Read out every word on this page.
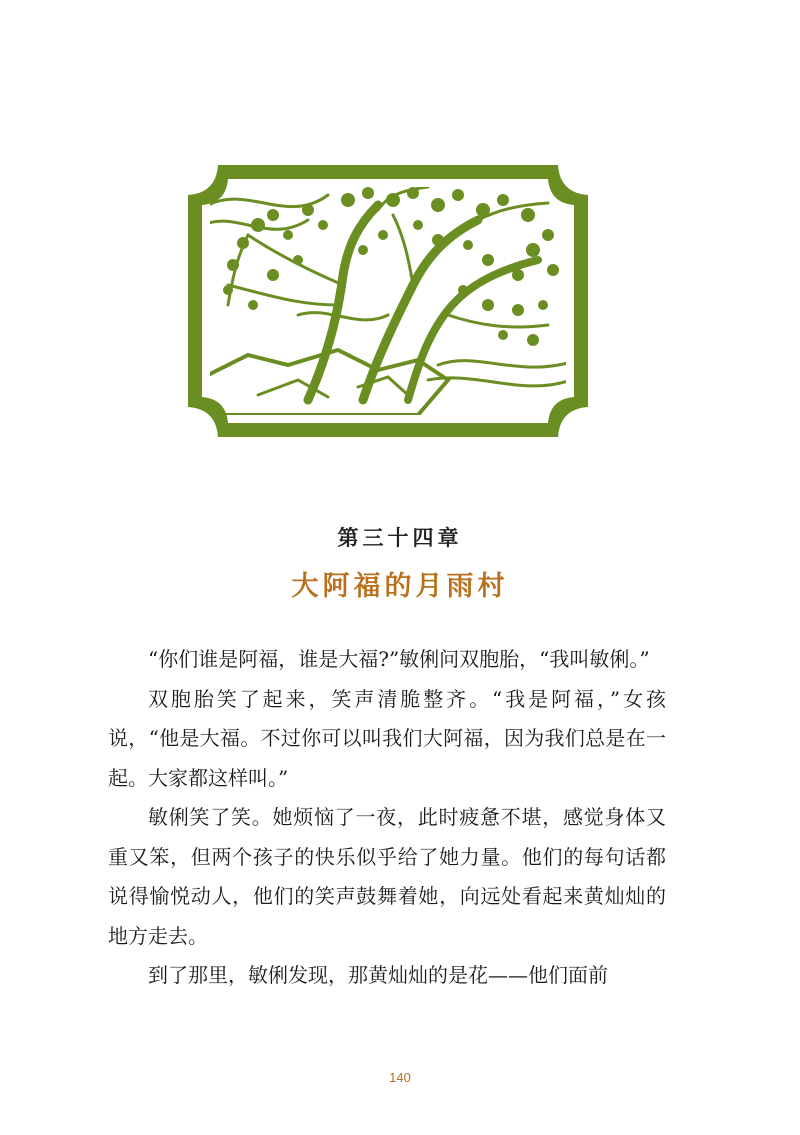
第三十四章
大阿福的月雨村

“你们谁是阿福，谁是大福?”敏俐问双胞胎，“我叫敏俐。”

双胞胎笑了起来，笑声清脆整齐。“我是阿福，”女孩说，“他是大福。不过你可以叫我们大阿福，因为我们总是在一起。大家都这样叫。”

敏俐笑了笑。她烦恼了一夜，此时疲惫不堪，感觉身体又重又笨，但两个孩子的快乐似乎给了她力量。他们的每句话都说得愉悦动人，他们的笑声鼓舞着她，向远处看起来黄灿灿的地方走去。

到了那里，敏俐发现，那黄灿灿的是花——他们面前

140
